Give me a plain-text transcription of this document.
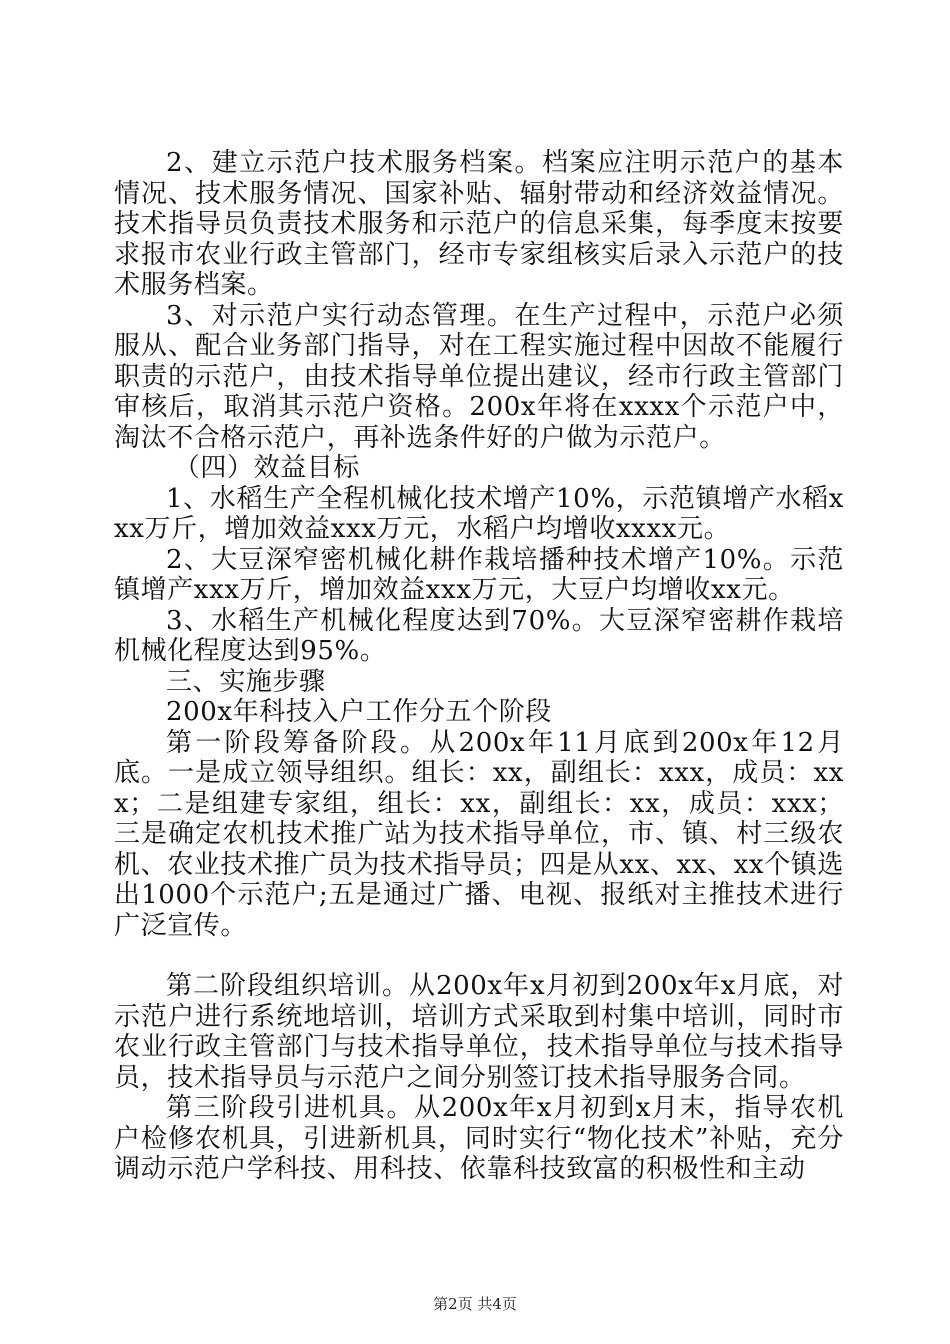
2、建立示范户技术服务档案。档案应注明示范户的基本情况、技术服务情况、国家补贴、辐射带动和经济效益情况。技术指导员负责技术服务和示范户的信息采集，每季度末按要求报市农业行政主管部门，经市专家组核实后录入示范户的技术服务档案。

3、对示范户实行动态管理。在生产过程中，示范户必须服从、配合业务部门指导，对在工程实施过程中因故不能履行职责的示范户，由技术指导单位提出建议，经市行政主管部门审核后，取消其示范户资格。200x年将在xxxx个示范户中，淘汰不合格示范户，再补选条件好的户做为示范户。

（四）效益目标

1、水稻生产全程机械化技术增产10%，示范镇增产水稻xxx万斤，增加效益xxx万元，水稻户均增收xxxx元。

2、大豆深窄密机械化耕作栽培播种技术增产10%。示范镇增产xxx万斤，增加效益xxx万元，大豆户均增收xx元。

3、水稻生产机械化程度达到70%。大豆深窄密耕作栽培机械化程度达到95%。

三、实施步骤

200x年科技入户工作分五个阶段

第一阶段筹备阶段。从200x年11月底到200x年12月底。一是成立领导组织。组长：xx，副组长：xxx，成员：xxx；二是组建专家组，组长：xx，副组长：xx，成员：xxx；三是确定农机技术推广站为技术指导单位，市、镇、村三级农机、农业技术推广员为技术指导员；四是从xx、xx、xx个镇选出1000个示范户;五是通过广播、电视、报纸对主推技术进行广泛宣传。

第二阶段组织培训。从200x年x月初到200x年x月底，对示范户进行系统地培训，培训方式采取到村集中培训，同时市农业行政主管部门与技术指导单位，技术指导单位与技术指导员，技术指导员与示范户之间分别签订技术指导服务合同。

第三阶段引进机具。从200x年x月初到x月末，指导农机户检修农机具，引进新机具，同时实行“物化技术”补贴，充分调动示范户学科技、用科技、依靠科技致富的积极性和主动

第2页 共4页
